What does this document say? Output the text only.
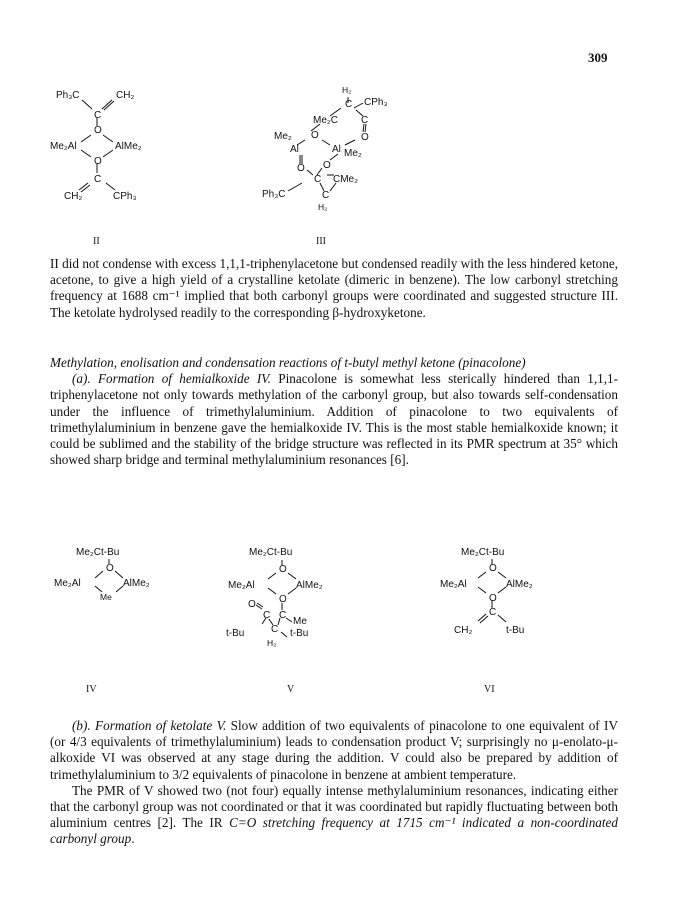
309
Ph₃C	CH₂
C
O
Me₂Al	AlMe₂
O
C
CH₂	CPh₃
H₂
C CPh₃
Me₂C C
O	O
Me₂
Al	Al Me₂
O O
C CMe₂
Ph₃C	C
H₂
II	III
Me₂Ct-Bu
O
Me₂Al	AlMe₂
Me
Me₂Ct-Bu
O
Me₂Al	AlMe₂
O
O
C C
Me
C
t-Bu	t-Bu
H₂
Me₂Ct-Bu
O
Me₂Al	AlMe₂
O
C
CH₂	t-Bu
IV	V	VI

II did not condense with excess 1,1,1-triphenylacetone but condensed readily with the less hindered ketone, acetone, to give a high yield of a crystalline ketolate (dimeric in benzene). The low carbonyl stretching frequency at 1688 cm⁻¹ implied that both carbonyl groups were coordinated and suggested structure III. The ketolate hydrolysed readily to the corresponding β-hydroxyketone.

Methylation, enolisation and condensation reactions of t-butyl methyl ketone (pinacolone)

(a). Formation of hemialkoxide IV. Pinacolone is somewhat less sterically hindered than 1,1,1-triphenylacetone not only towards methylation of the carbonyl group, but also towards self-condensation under the influence of trimethylaluminium. Addition of pinacolone to two equivalents of trimethylaluminium in benzene gave the hemialkoxide IV. This is the most stable hemialkoxide known; it could be sublimed and the stability of the bridge structure was reflected in its PMR spectrum at 35° which showed sharp bridge and terminal methylaluminium resonances [6].

(b). Formation of ketolate V. Slow addition of two equivalents of pinacolone to one equivalent of IV (or 4/3 equivalents of trimethylaluminium) leads to condensation product V; surprisingly no μ-enolato-μ-alkoxide VI was observed at any stage during the addition. V could also be prepared by addition of trimethylaluminium to 3/2 equivalents of pinacolone in benzene at ambient temperature.

The PMR of V showed two (not four) equally intense methylaluminium resonances, indicating either that the carbonyl group was not coordinated or that it was coordinated but rapidly fluctuating between both aluminium centres [2]. The IR C=O stretching frequency at 1715 cm⁻¹ indicated a non-coordinated carbonyl group.
